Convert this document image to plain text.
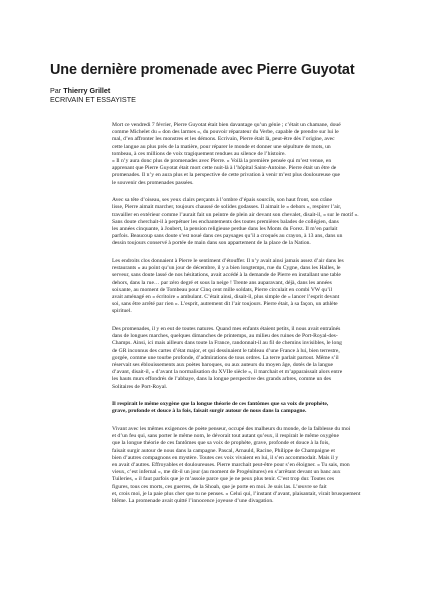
Une dernière promenade avec Pierre Guyotat
Par Thierry Grillet
ECRIVAIN ET ESSAYISTE

Mort ce vendredi 7 février, Pierre Guyotat était bien davantage qu’un génie ; c’était un chamane, doué
comme Michelet du « don des larmes », du pouvoir réparateur du Verbe, capable de prendre sur lui le
mal, d’en affronter les monstres et les démons. Ecrivain, Pierre était là, peut-être dès l’origine, avec
cette langue au plus près de la matière, pour réparer le monde et donner une sépulture de mots, un
tombeau, à ces millions de voix tragiquement rendues au silence de l’histoire.
« Il n’y aura donc plus de promenades avec Pierre. » Voilà la première pensée qui m’est venue, en
apprenant que Pierre Guyotat était mort cette nuit-là à l’hôpital Saint-Antoine. Pierre était un être de
promenades. Il n’y en aura plus et la perspective de cette privation à venir m’est plus douloureuse que
le souvenir des promenades passées.

Avec sa tête d’oiseau, ses yeux clairs perçants à l’ombre d’épais sourcils, son haut front, son crâne
lisse, Pierre aimait marcher, toujours chaussé de solides godasses. Il aimait le « dehors », respirer l’air,
travailler en extérieur comme l’aurait fait un peintre de plein air devant son chevalet, disait-il, « sur le motif ».
Sans doute cherchait-il à perpétuer les enchantements des toutes premières balades de collégien, dans
les années cinquante, à Joubert, la pension religieuse perdue dans les Monts du Forez. Il m’en parlait
parfois. Beaucoup sans doute s’est noué dans ces paysages qu’il a croqués au crayon, à 13 ans, dans un
dessin toujours conservé à portée de main dans son appartement de la place de la Nation.

Les endroits clos donnaient à Pierre le sentiment d’étouffer. Il n’y avait ainsi jamais assez d’air dans les
restaurants « au point qu’un jour de décembre, il y a bien longtemps, rue du Cygne, dans les Halles, le
serveur, sans doute lassé de nos hésitations, avait accédé à la demande de Pierre en installant une table
dehors, dans la rue… par zéro degré et sous la neige ! Trente ans auparavant, déjà, dans les années
soixante, au moment de Tombeau pour Cinq cent mille soldats, Pierre circulait en combi VW qu’il
avait aménagé en « écritoire » ambulant. C’était ainsi, disait-il, plus simple de « lancer l’esprit devant
soi, sans être arrêté par rien ». L’esprit, autrement dit l’air toujours. Pierre était, à sa façon, un athlète
spirituel.

Des promenades, il y en eut de toutes natures. Quand mes enfants étaient petits, il nous avait entraînés
dans de longues marches, quelques dimanches de printemps, au milieu des ruines de Port-Royal-des-
Champs. Ainsi, ici mais ailleurs dans toute la France, randonnait-il au fil de chemins invisibles, le long
de GR inconnus des cartes d’état major, et qui dessinaient le tableau d’une France à lui, bien terrestre,
gorgée, comme une tourbe profonde, d’admirations de tous ordres. La terre parlait partout. Même s’il
réservait ses éblouissements aux poètes baroques, ou aux auteurs du moyen âge, dotés de la langue
d’avant, disait-il, « d’avant la normalisation du XVIIe siècle », il marchait et m’apparaissait alors entre
les hauts murs effondrés de l’abbaye, dans la longue perspective des grands arbres, comme un des
Solitaires de Port-Royal.

Il respirait le même oxygène que la longue théorie de ces fantômes que sa voix de prophète,
grave, profonde et douce à la fois, faisait surgir autour de nous dans la campagne.

Vivant avec les mêmes exigences de poète penseur, occupé des malheurs du monde, de la faiblesse du moi
et d’un feu qui, sans porter le même nom, le dévorait tout autant qu’eux, il respirait le même oxygène
que la longue théorie de ces fantômes que sa voix de prophète, grave, profonde et douce à la fois,
faisait surgir autour de nous dans la campagne. Pascal, Arnauld, Racine, Philippe de Champaigne et
bien d’autres compagnons en mystère. Toutes ces voix vivaient en lui, il s’en accommodait. Mais il y
en avait d’autres. Effroyables et douloureuses. Pierre marchait peut-être pour s’en éloigner. « Tu sais, mon
vieux, c’est infernal », me dit-il un jour (au moment de Progénitures) en s’arrêtant devant un banc aux
Tuileries, « il faut parfois que je m’assoie parce que je ne peux plus tenir. C’est trop dur. Toutes ces
figures, tous ces morts, ces guerres, de la Shoah, que je porte en moi. Je suis las. L’œuvre se fait
et, crois moi, je la paie plus cher que tu ne penses. » Celui qui, l’instant d’avant, plaisantait, virait brusquement
blême. La promenade avait quitté l’innocence joyeuse d’une divagation.
